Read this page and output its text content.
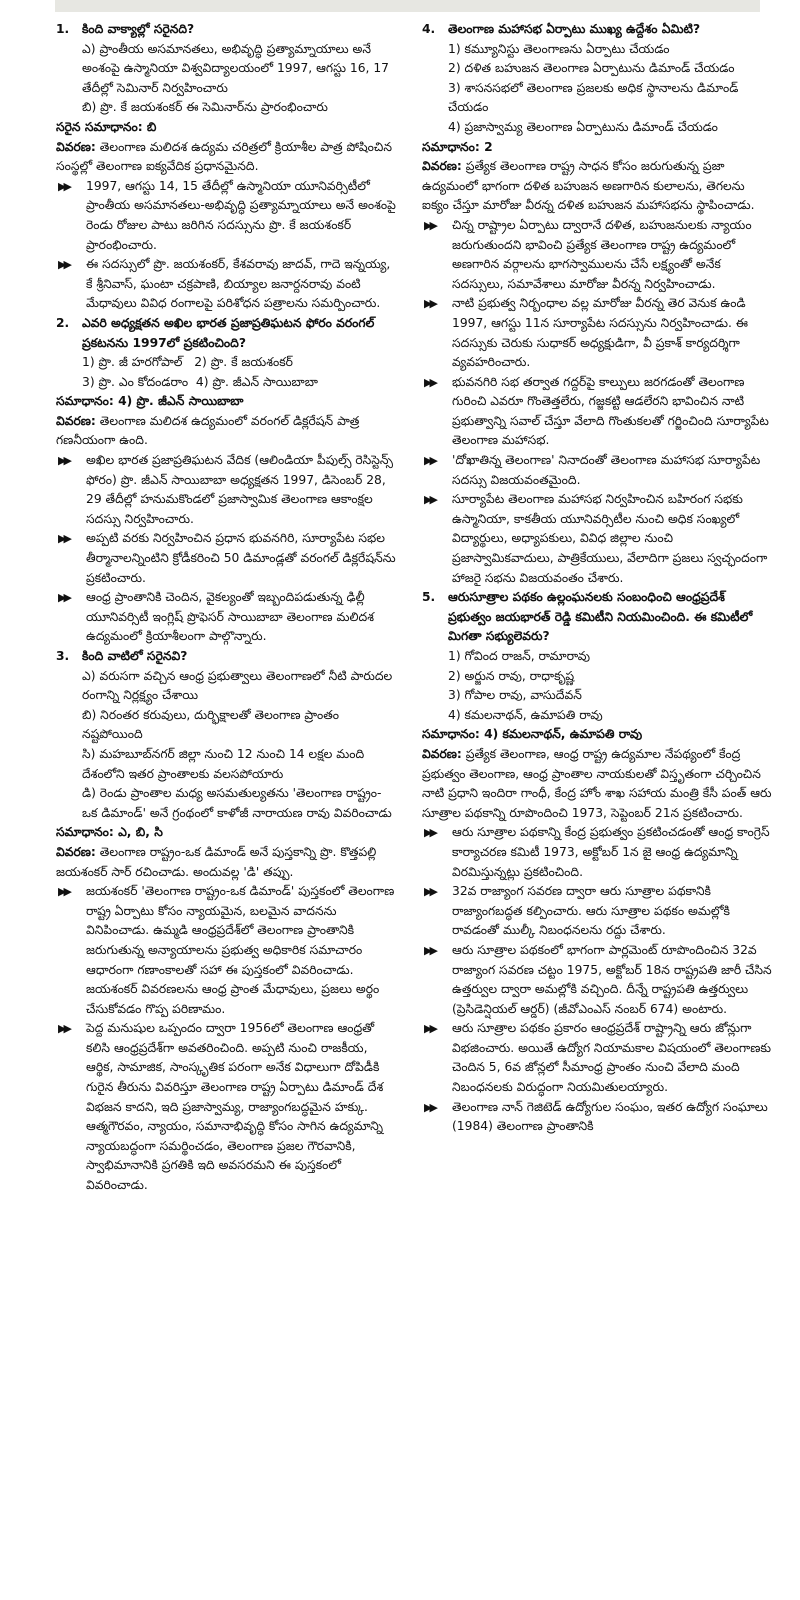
1. కింది వాక్యాల్లో సరైనది?

ఎ) ప్రాంతీయ అసమానతలు, అభివృద్ధి ప్రత్యామ్నాయాలు అనే అంశంపై ఉస్మానియా విశ్వవిద్యాలయంలో 1997, ఆగస్టు 16, 17 తేదీల్లో సెమినార్ నిర్వహించారు

బి) ప్రొ. కే జయశంకర్ ఈ సెమినార్‌ను ప్రారంభించారు

సరైన సమాధానం: బి

వివరణ: తెలంగాణ మలిదశ ఉద్యమ చరిత్రలో క్రియాశీల పాత్ర పోషించిన సంస్థల్లో తెలంగాణ ఐక్యవేదిక ప్రధానమైనది.

▶▶ 1997, ఆగస్టు 14, 15 తేదీల్లో ఉస్మానియా యూనివర్సిటీలో ప్రాంతీయ అసమానతలు-అభివృద్ధి ప్రత్యామ్నాయాలు అనే అంశంపై రెండు రోజుల పాటు జరిగిన సదస్సును ప్రొ. కే జయశంకర్ ప్రారంభించారు.

▶▶ ఈ సదస్సులో ప్రొ. జయశంకర్, కేశవరావు జాదవ్, గాదె ఇన్నయ్య, కే శ్రీనివాస్, ఘంటా చక్రపాణి, బియ్యాల జనార్దనరావు వంటి మేధావులు వివిధ రంగాలపై పరిశోధన పత్రాలను సమర్పించారు.

2. ఎవరి అధ్యక్షతన అఖిల భారత ప్రజాప్రతిఘటన ఫోరం వరంగల్ ప్రకటనను 1997లో ప్రకటించింది?

1) ప్రొ. జీ హరగోపాల్ 2) ప్రొ. కే జయశంకర్

3) ప్రొ. ఎం కోదండరాం 4) ప్రొ. జీఎన్ సాయిబాబా

సమాధానం: 4) ప్రొ. జీఎన్ సాయిబాబా

వివరణ: తెలంగాణ మలిదశ ఉద్యమంలో వరంగల్ డిక్లరేషన్ పాత్ర గణనీయంగా ఉంది.

▶▶ అఖిల భారత ప్రజాప్రతిఘటన వేదిక (ఆలిండియా పీపుల్స్ రెసిస్టెన్స్ ఫోరం) ప్రొ. జీఎన్ సాయిబాబా అధ్యక్షతన 1997, డిసెంబర్ 28, 29 తేదీల్లో హనుమకొండలో ప్రజాస్వామిక తెలంగాణ ఆకాంక్షల సదస్సు నిర్వహించారు.

▶▶ అప్పటి వరకు నిర్వహించిన ప్రధాన భువనగిరి, సూర్యాపేట సభల తీర్మానాలన్నింటిని క్రోడీకరించి 50 డిమాండ్లతో వరంగల్ డిక్లరేషన్‌ను ప్రకటించారు.

▶▶ ఆంధ్ర ప్రాంతానికి చెందిన, వైకల్యంతో ఇబ్బందిపడుతున్న ఢిల్లీ యూనివర్సిటీ ఇంగ్లిష్ ప్రొఫెసర్ సాయిబాబా తెలంగాణ మలిదశ ఉద్యమంలో క్రియాశీలంగా పాల్గొన్నారు.

3. కింది వాటిలో సరైనవి?

ఎ) వరుసగా వచ్చిన ఆంధ్ర ప్రభుత్వాలు తెలంగాణలో నీటి పారుదల రంగాన్ని నిర్లక్ష్యం చేశాయి

బి) నిరంతర కరువులు, దుర్భిక్షాలతో తెలంగాణ ప్రాంతం నష్టపోయింది

సి) మహబూబ్‌నగర్ జిల్లా నుంచి 12 నుంచి 14 లక్షల మంది దేశంలోని ఇతర ప్రాంతాలకు వలసపోయారు

డి) రెండు ప్రాంతాల మధ్య అసమతుల్యతను 'తెలంగాణ రాష్ట్రం-ఒక డిమాండ్' అనే గ్రంథంలో కాళోజీ నారాయణ రావు వివరించాడు

సమాధానం: ఎ, బి, సి

వివరణ: తెలంగాణ రాష్ట్రం-ఒక డిమాండ్ అనే పుస్తకాన్ని ప్రొ. కొత్తపల్లి జయశంకర్ సార్ రచించాడు. అందువల్ల 'డి' తప్పు.

▶▶ జయశంకర్ 'తెలంగాణ రాష్ట్రం-ఒక డిమాండ్' పుస్తకంలో తెలంగాణ రాష్ట్ర ఏర్పాటు కోసం న్యాయమైన, బలమైన వాదనను వినిపించాడు. ఉమ్మడి ఆంధ్రప్రదేశ్‌లో తెలంగాణ ప్రాంతానికి జరుగుతున్న అన్యాయాలను ప్రభుత్వ అధికారిక సమాచారం ఆధారంగా గణాంకాలతో సహా ఈ పుస్తకంలో వివరించాడు. జయశంకర్ వివరణలను ఆంధ్ర ప్రాంత మేధావులు, ప్రజలు అర్థం చేసుకోవడం గొప్ప పరిణామం.

▶▶ పెద్ద మనుషుల ఒప్పందం ద్వారా 1956లో తెలంగాణ ఆంధ్రతో కలిసి ఆంధ్రప్రదేశ్‌గా అవతరించింది. అప్పటి నుంచి రాజకీయ, ఆర్థిక, సామాజిక, సాంస్కృతిక పరంగా అనేక విధాలుగా దోపిడీకి గురైన తీరును వివరిస్తూ తెలంగాణ రాష్ట్ర ఏర్పాటు డిమాండ్ దేశ విభజన కాదని, ఇది ప్రజాస్వామ్య, రాజ్యాంగబద్ధమైన హక్కు. ఆత్మగౌరవం, న్యాయం, సమానాభివృద్ధి కోసం సాగిన ఉద్యమాన్ని న్యాయబద్ధంగా సమర్థించడం, తెలంగాణ ప్రజల గౌరవానికి, స్వాభిమానానికి ప్రగతికి ఇది అవసరమని ఈ పుస్తకంలో వివరించాడు.

4. తెలంగాణ మహాసభ ఏర్పాటు ముఖ్య ఉద్దేశం ఏమిటి?

1) కమ్యూనిస్టు తెలంగాణను ఏర్పాటు చేయడం

2) దళిత బహుజన తెలంగాణ ఏర్పాటును డిమాండ్ చేయడం

3) శాసనసభలో తెలంగాణ ప్రజలకు అధిక స్థానాలను డిమాండ్ చేయడం

4) ప్రజాస్వామ్య తెలంగాణ ఏర్పాటును డిమాండ్ చేయడం

సమాధానం: 2

వివరణ: ప్రత్యేక తెలంగాణ రాష్ట్ర సాధన కోసం జరుగుతున్న ప్రజా ఉద్యమంలో భాగంగా దళిత బహుజన అణగారిన కులాలను, తెగలను ఐక్యం చేస్తూ మారోజు వీరన్న దళిత బహుజన మహాసభను స్థాపించాడు.

▶▶ చిన్న రాష్ట్రాల ఏర్పాటు ద్వారానే దళిత, బహుజనులకు న్యాయం జరుగుతుందని భావించి ప్రత్యేక తెలంగాణ రాష్ట్ర ఉద్యమంలో అణగారిన వర్గాలను భాగస్వాములను చేసే లక్ష్యంతో అనేక సదస్సులు, సమావేశాలు మారోజు వీరన్న నిర్వహించాడు.

▶▶ నాటి ప్రభుత్వ నిర్బంధాల వల్ల మారోజు వీరన్న తెర వెనుక ఉండి 1997, ఆగస్టు 11న సూర్యాపేట సదస్సును నిర్వహించాడు. ఈ సదస్సుకు చెరుకు సుధాకర్ అధ్యక్షుడిగా, వీ ప్రకాశ్ కార్యదర్శిగా వ్యవహరించారు.

▶▶ భువనగిరి సభ తర్వాత గద్దర్‌పై కాల్పులు జరగడంతో తెలంగాణ గురించి ఎవరూ గొంతెత్తలేరు, గజ్జకట్టి ఆడలేరని భావించిన నాటి ప్రభుత్వాన్ని సవాల్ చేస్తూ వేలాది గొంతుకలతో గర్జించింది సూర్యాపేట తెలంగాణ మహాసభ.

▶▶ 'దోఖాతిన్న తెలంగాణ' నినాదంతో తెలంగాణ మహాసభ సూర్యాపేట సదస్సు విజయవంతమైంది.

▶▶ సూర్యాపేట తెలంగాణ మహాసభ నిర్వహించిన బహిరంగ సభకు ఉస్మానియా, కాకతీయ యూనివర్సిటీల నుంచి అధిక సంఖ్యలో విద్యార్థులు, అధ్యాపకులు, వివిధ జిల్లాల నుంచి ప్రజాస్వామికవాదులు, పాత్రికేయులు, వేలాదిగా ప్రజలు స్వచ్ఛందంగా హాజరై సభను విజయవంతం చేశారు.

5. ఆరుసూత్రాల పథకం ఉల్లంఘనలకు సంబంధించి ఆంధ్రప్రదేశ్ ప్రభుత్వం జయభారత్ రెడ్డి కమిటీని నియమించింది. ఈ కమిటీలో మిగతా సభ్యులెవరు?

1) గోవింద రాజన్, రామారావు

2) అర్జున రావు, రాధాకృష్ణ

3) గోపాల రావు, వాసుదేవన్

4) కమలనాథన్, ఉమాపతి రావు

సమాధానం: 4) కమలనాథన్, ఉమాపతి రావు

వివరణ: ప్రత్యేక తెలంగాణ, ఆంధ్ర రాష్ట్ర ఉద్యమాల నేపథ్యంలో కేంద్ర ప్రభుత్వం తెలంగాణ, ఆంధ్ర ప్రాంతాల నాయకులతో విస్తృతంగా చర్చించిన నాటి ప్రధాని ఇందిరా గాంధీ, కేంద్ర హోం శాఖ సహాయ మంత్రి కేసీ పంత్ ఆరు సూత్రాల పథకాన్ని రూపొందించి 1973, సెప్టెంబర్ 21న ప్రకటించారు.

▶▶ ఆరు సూత్రాల పథకాన్ని కేంద్ర ప్రభుత్వం ప్రకటించడంతో ఆంధ్ర కాంగ్రెస్ కార్యాచరణ కమిటీ 1973, అక్టోబర్ 1న జై ఆంధ్ర ఉద్యమాన్ని విరమిస్తున్నట్లు ప్రకటించింది.

▶▶ 32వ రాజ్యాంగ సవరణ ద్వారా ఆరు సూత్రాల పథకానికి రాజ్యాంగబద్ధత కల్పించారు. ఆరు సూత్రాల పథకం అమల్లోకి రావడంతో ముల్కీ నిబంధనలను రద్దు చేశారు.

▶▶ ఆరు సూత్రాల పథకంలో భాగంగా పార్లమెంట్ రూపొందించిన 32వ రాజ్యాంగ సవరణ చట్టం 1975, అక్టోబర్ 18న రాష్ట్రపతి జారీ చేసిన ఉత్తర్వుల ద్వారా అమల్లోకి వచ్చింది. దీన్నే రాష్ట్రపతి ఉత్తర్వులు (ప్రెసిడెన్షియల్ ఆర్డర్) (జీవోఎంఎస్ నంబర్ 674) అంటారు.

▶▶ ఆరు సూత్రాల పథకం ప్రకారం ఆంధ్రప్రదేశ్ రాష్ట్రాన్ని ఆరు జోన్లుగా విభజించారు. అయితే ఉద్యోగ నియామకాల విషయంలో తెలంగాణకు చెందిన 5, 6వ జోన్లలో సీమాంధ్ర ప్రాంతం నుంచి వేలాది మంది నిబంధనలకు విరుద్ధంగా నియమితులయ్యారు.

▶▶ తెలంగాణ నాన్ గెజిటెడ్ ఉద్యోగుల సంఘం, ఇతర ఉద్యోగ సంఘాలు (1984) తెలంగాణ ప్రాంతానికి
